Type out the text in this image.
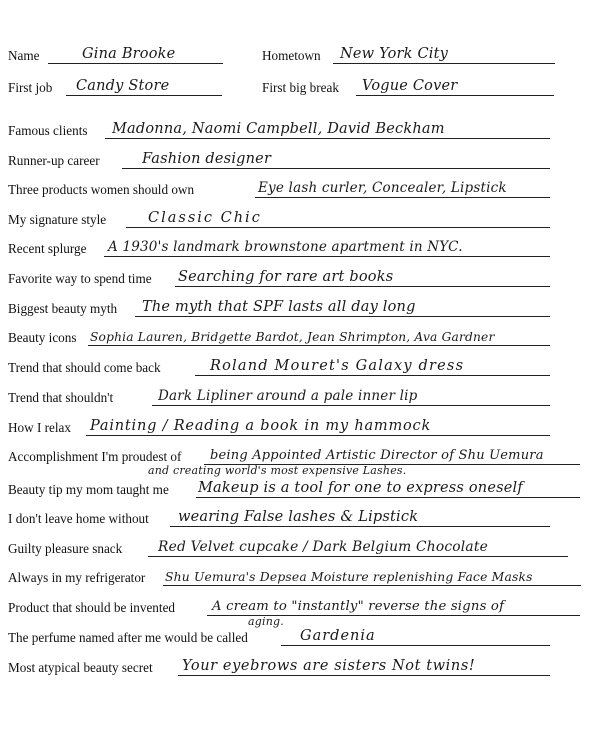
Name	Gina Brooke	Hometown New York City
First job Candy Store	First big break Vogue Cover
Famous clients Madonna, Naomi Campbell, David Beckham
Runner-up career	Fashion designer
Three products women should own	Eye lash curler, Concealer, Lipstick
My signature style	Classic Chic
Recent splurge A 1930's landmark brownstone apartment in NYC.
Favorite way to spend time Searching for rare art books
Biggest beauty myth The myth that SPF lasts all day long
Beauty icons Sophia Lauren, Bridgette Bardot, Jean Shrimpton, Ava Gardner
Trend that should come back	Roland Mouret's Galaxy dress
Trend that shouldn't	Dark Lipliner around a pale inner lip
How I relax Painting / Reading a book in my hammock
Accomplishment I'm proudest of being Appointed Artistic Director of Shu Uemura
and creating world's most expensive Lashes.
Beauty tip my mom taught me Makeup is a tool for one to express oneself
I don't leave home without wearing False lashes & Lipstick
Guilty pleasure snack	Red Velvet cupcake / Dark Belgium Chocolate
Always in my refrigerator Shu Uemura's Depsea Moisture replenishing Face Masks
Product that should be invented	A cream to "instantly" reverse the signs of
aging.
The perfume named after me would be called	Gardenia
Most atypical beauty secret Your eyebrows are sisters Not twins!
